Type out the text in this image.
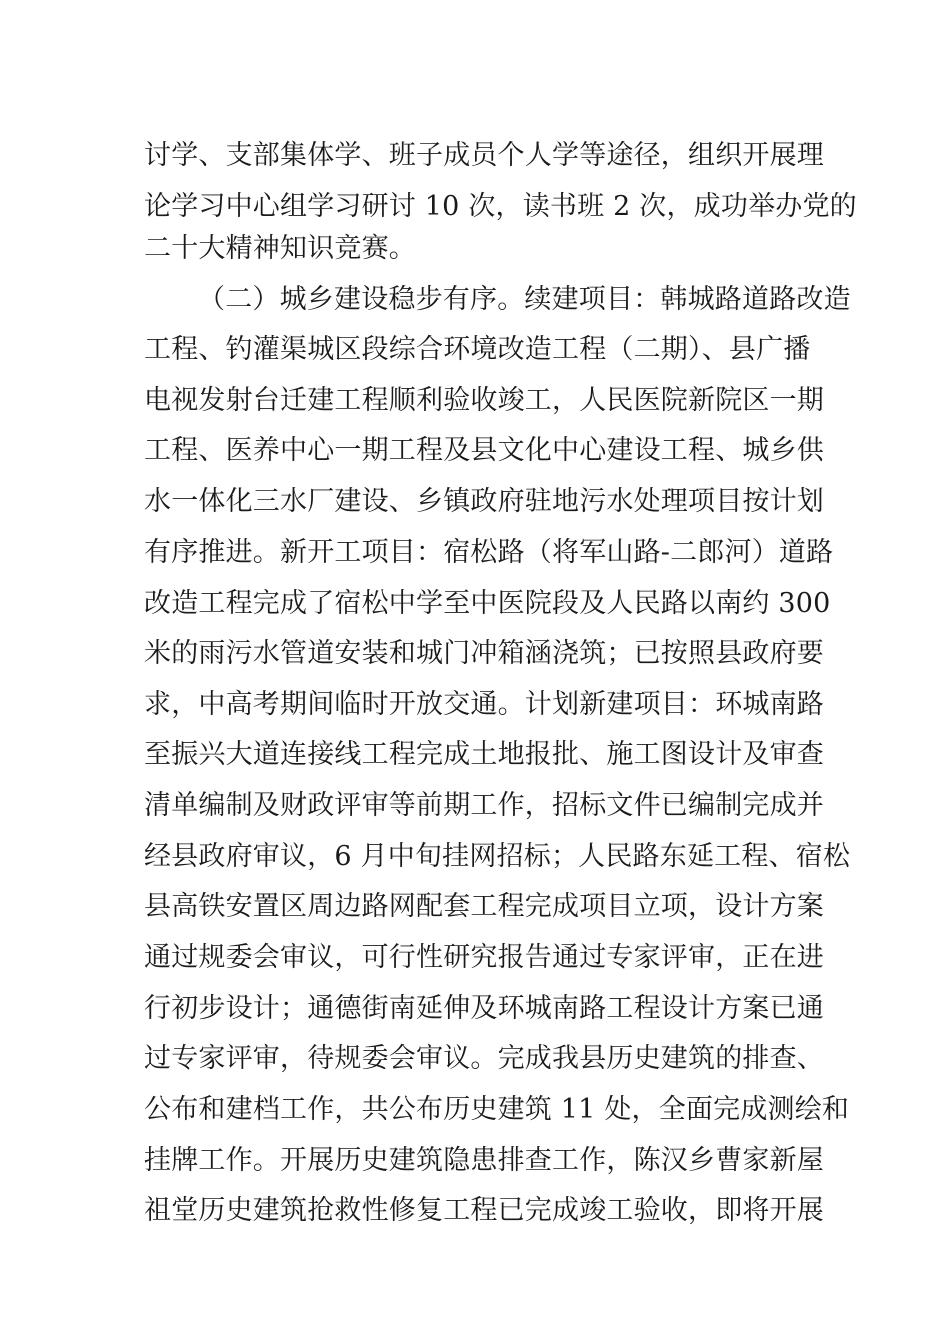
讨学、支部集体学、班子成员个人学等途径，组织开展理
论学习中心组学习研讨 10 次，读书班 2 次，成功举办党的
二十大精神知识竞赛。
（二）城乡建设稳步有序。续建项目：韩城路道路改造
工程、钓灌渠城区段综合环境改造工程（二期）、县广播
电视发射台迁建工程顺利验收竣工，人民医院新院区一期
工程、医养中心一期工程及县文化中心建设工程、城乡供
水一体化三水厂建设、乡镇政府驻地污水处理项目按计划
有序推进。新开工项目：宿松路（将军山路-二郎河）道路
改造工程完成了宿松中学至中医院段及人民路以南约 300
米的雨污水管道安装和城门冲箱涵浇筑；已按照县政府要
求，中高考期间临时开放交通。计划新建项目：环城南路
至振兴大道连接线工程完成土地报批、施工图设计及审查
清单编制及财政评审等前期工作，招标文件已编制完成并
经县政府审议，6 月中旬挂网招标；人民路东延工程、宿松
县高铁安置区周边路网配套工程完成项目立项，设计方案
通过规委会审议，可行性研究报告通过专家评审，正在进
行初步设计；通德街南延伸及环城南路工程设计方案已通
过专家评审，待规委会审议。完成我县历史建筑的排查、
公布和建档工作，共公布历史建筑 11 处，全面完成测绘和
挂牌工作。开展历史建筑隐患排查工作，陈汉乡曹家新屋
祖堂历史建筑抢救性修复工程已完成竣工验收，即将开展
